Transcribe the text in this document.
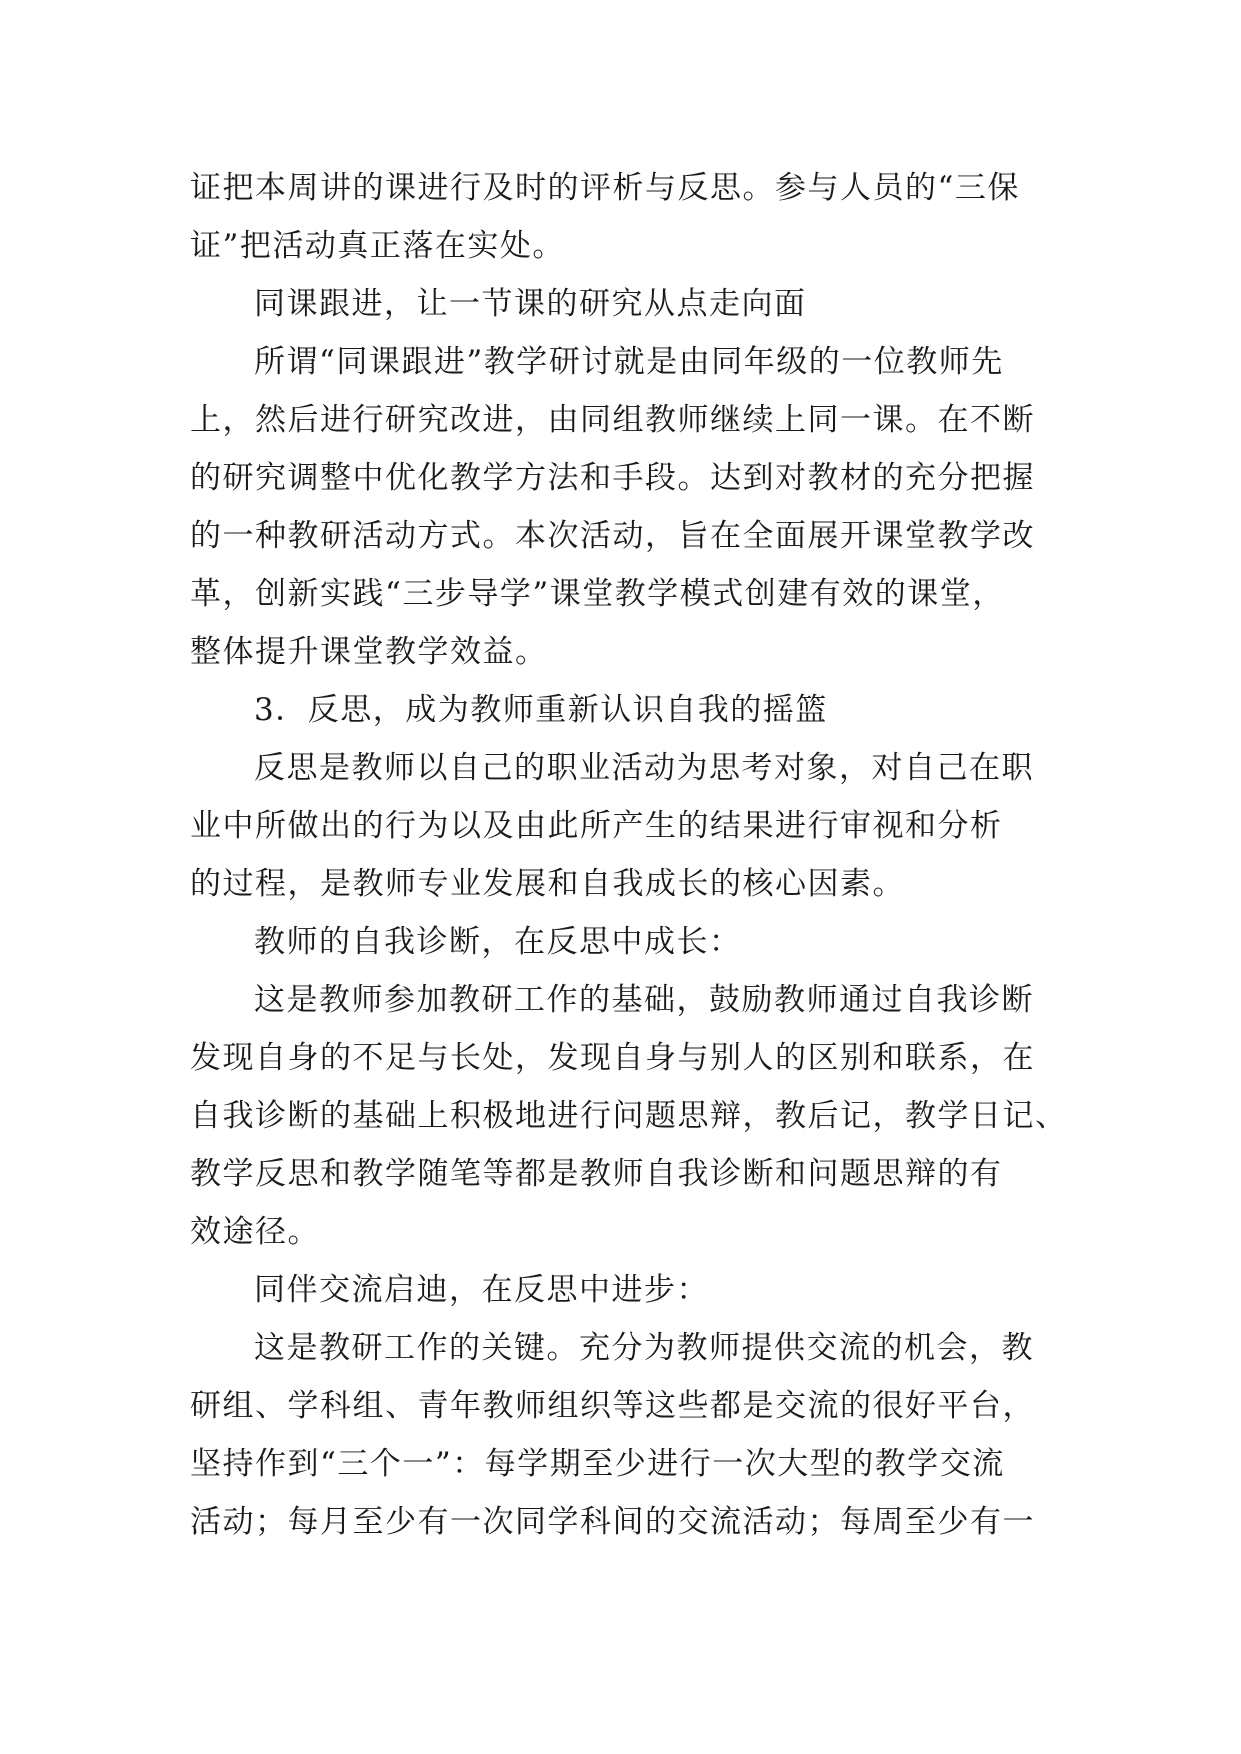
证把本周讲的课进行及时的评析与反思。参与人员的“三保
证”把活动真正落在实处。
同课跟进，让一节课的研究从点走向面
所谓“同课跟进”教学研讨就是由同年级的一位教师先
上，然后进行研究改进，由同组教师继续上同一课。在不断
的研究调整中优化教学方法和手段。达到对教材的充分把握
的一种教研活动方式。本次活动，旨在全面展开课堂教学改
革，创新实践“三步导学”课堂教学模式创建有效的课堂，
整体提升课堂教学效益。
3．反思，成为教师重新认识自我的摇篮
反思是教师以自己的职业活动为思考对象，对自己在职
业中所做出的行为以及由此所产生的结果进行审视和分析
的过程，是教师专业发展和自我成长的核心因素。
教师的自我诊断，在反思中成长：
这是教师参加教研工作的基础，鼓励教师通过自我诊断
发现自身的不足与长处，发现自身与别人的区别和联系，在
自我诊断的基础上积极地进行问题思辩，教后记，教学日记、
教学反思和教学随笔等都是教师自我诊断和问题思辩的有
效途径。
同伴交流启迪，在反思中进步：
这是教研工作的关键。充分为教师提供交流的机会，教
研组、学科组、青年教师组织等这些都是交流的很好平台，
坚持作到“三个一”：每学期至少进行一次大型的教学交流
活动；每月至少有一次同学科间的交流活动；每周至少有一
